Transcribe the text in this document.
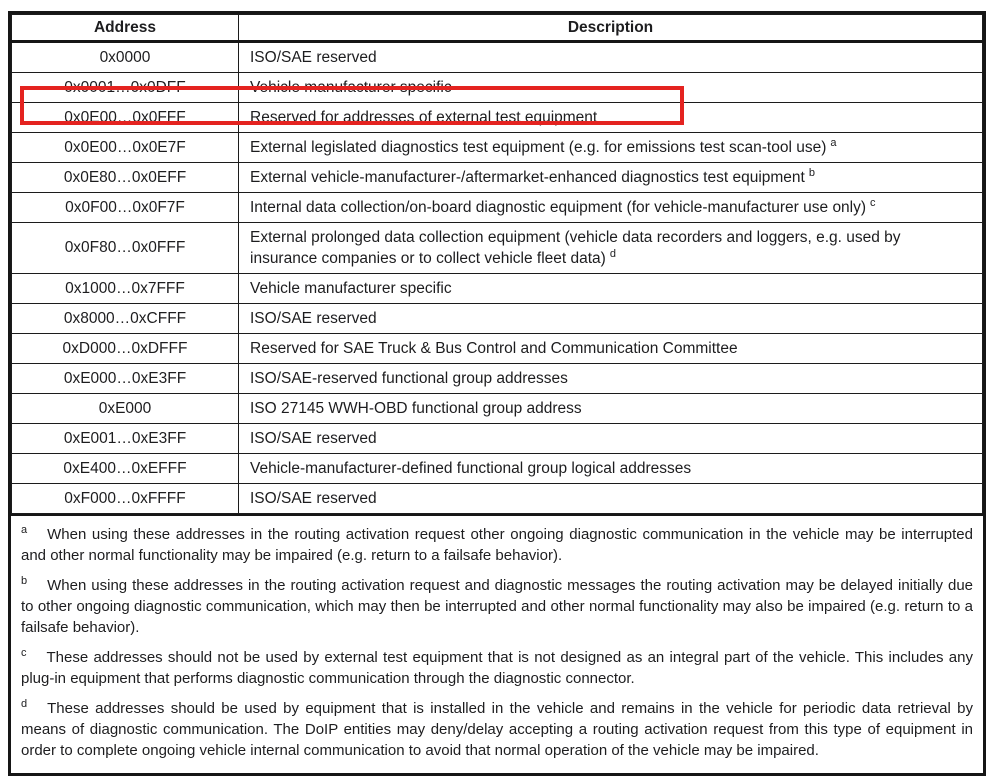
Address	Description
0x0000	ISO/SAE reserved
0x0001…0x0DFF	Vehicle manufacturer specific
0x0E00…0x0FFF	Reserved for addresses of external test equipment
0x0E00…0x0E7F	External legislated diagnostics test equipment (e.g. for emissions test scan-tool use) $^a$
0x0E80…0x0EFF	External vehicle-manufacturer-/aftermarket-enhanced diagnostics test equipment $^b$
0x0F00…0x0F7F	Internal data collection/on-board diagnostic equipment (for vehicle-manufacturer use only) $^c$
0x0F80…0x0FFF	External prolonged data collection equipment (vehicle data recorders and loggers, e.g. used by insurance companies or to collect vehicle fleet data) $^d$
0x1000…0x7FFF	Vehicle manufacturer specific
0x8000…0xCFFF	ISO/SAE reserved
0xD000…0xDFFF	Reserved for SAE Truck & Bus Control and Communication Committee
0xE000…0xE3FF	ISO/SAE-reserved functional group addresses
0xE000	ISO 27145 WWH-OBD functional group address
0xE001…0xE3FF	ISO/SAE reserved
0xE400…0xEFFF	Vehicle-manufacturer-defined functional group logical addresses
0xF000…0xFFFF	ISO/SAE reserved

$^a$ When using these addresses in the routing activation request other ongoing diagnostic communication in the vehicle may be interrupted and other normal functionality may be impaired (e.g. return to a failsafe behavior).

$^b$ When using these addresses in the routing activation request and diagnostic messages the routing activation may be delayed initially due to other ongoing diagnostic communication, which may then be interrupted and other normal functionality may also be impaired (e.g. return to a failsafe behavior).

$^c$ These addresses should not be used by external test equipment that is not designed as an integral part of the vehicle. This includes any plug-in equipment that performs diagnostic communication through the diagnostic connector.

$^d$ These addresses should be used by equipment that is installed in the vehicle and remains in the vehicle for periodic data retrieval by means of diagnostic communication. The DoIP entities may deny/delay accepting a routing activation request from this type of equipment in order to complete ongoing vehicle internal communication to avoid that normal operation of the vehicle may be impaired.
